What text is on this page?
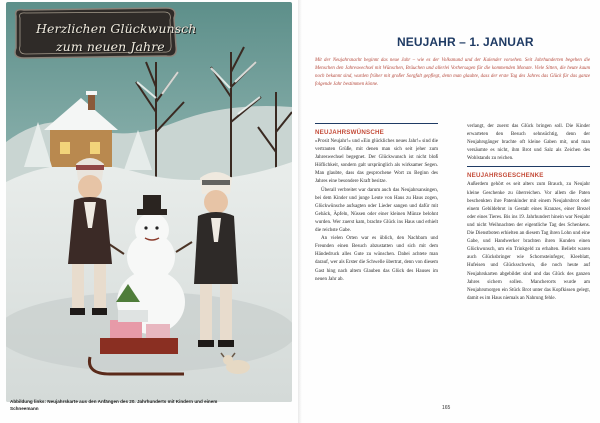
Herzlichen Glückwunsch
zum neuen Jahre
Abbildung links: Neujahrskarte aus den Anfängen des 20. Jahrhunderts mit Kindern und einem Schneemann
NEUJAHR – 1. JANUAR
Mit der Neujahrsnacht beginnt das neue Jahr – wie es der Volksmund und der Kalender vorsehen. Seit Jahrhunderten begehen die Menschen den Jahreswechsel mit Wünschen, Bräuchen und allerlei Vorhersagen für die kommenden Monate. Viele Sitten, die heute kaum noch bekannt sind, wurden früher mit großer Sorgfalt gepflegt, denn man glaubte, dass der erste Tag des Jahres das Glück für das ganze folgende Jahr bestimmen könne.
NEUJAHRSWÜNSCHE

»Prosit Neujahr!« und »Ein glückliches neues Jahr!« sind die vertrauten Grüße, mit denen man sich seit jeher zum Jahreswechsel begegnet. Der Glückwunsch ist nicht bloß Höflichkeit, sondern galt ursprünglich als wirksamer Segen. Man glaubte, dass das gesprochene Wort zu Beginn des Jahres eine besondere Kraft besitze.

Überall verbreitet war darum auch das Neujahrsansingen, bei dem Kinder und junge Leute von Haus zu Haus zogen, Glückwünsche aufsagten oder Lieder sangen und dafür mit Gebäck, Äpfeln, Nüssen oder einer kleinen Münze belohnt wurden. Wer zuerst kam, brachte Glück ins Haus und erhielt die reichste Gabe.

An vielen Orten war es üblich, den Nachbarn und Freunden einen Besuch abzustatten und sich mit dem Händedruck alles Gute zu wünschen. Dabei achtete man darauf, wer als Erster die Schwelle übertrat, denn von diesem Gast hing nach altem Glauben das Glück des Hauses im neuen Jahr ab.

verlangt, der zuerst das Glück bringen soll. Die Kinder erwarteten den Besuch sehnsüchtig, denn der Neujahrsgänger brachte oft kleine Gaben mit, und man versäumte es nicht, ihm Brot und Salz als Zeichen des Wohlstands zu reichen.

NEUJAHRSGESCHENKE

Außerdem gehört es seit alters zum Brauch, zu Neujahr kleine Geschenke zu überreichen. Vor allem die Paten beschenkten ihre Patenkinder mit einem Neujahrsbrot oder einem Gebildebrot in Gestalt eines Kranzes, einer Brezel oder eines Tieres. Bis ins 19. Jahrhundert hinein war Neujahr und nicht Weihnachten der eigentliche Tag des Schenkens. Die Dienstboten erhielten an diesem Tag ihren Lohn und eine Gabe, und Handwerker brachten ihren Kunden einen Glückwunsch, um ein Trinkgeld zu erhalten. Beliebt waren auch Glücksbringer wie Schornsteinfeger, Kleeblatt, Hufeisen und Glücksschwein, die noch heute auf Neujahrskarten abgebildet sind und das Glück des ganzen Jahres sichern sollen. Mancherorts wurde am Neujahrsmorgen ein Stück Brot unter das Kopfkissen gelegt, damit es im Haus niemals an Nahrung fehle.

165
